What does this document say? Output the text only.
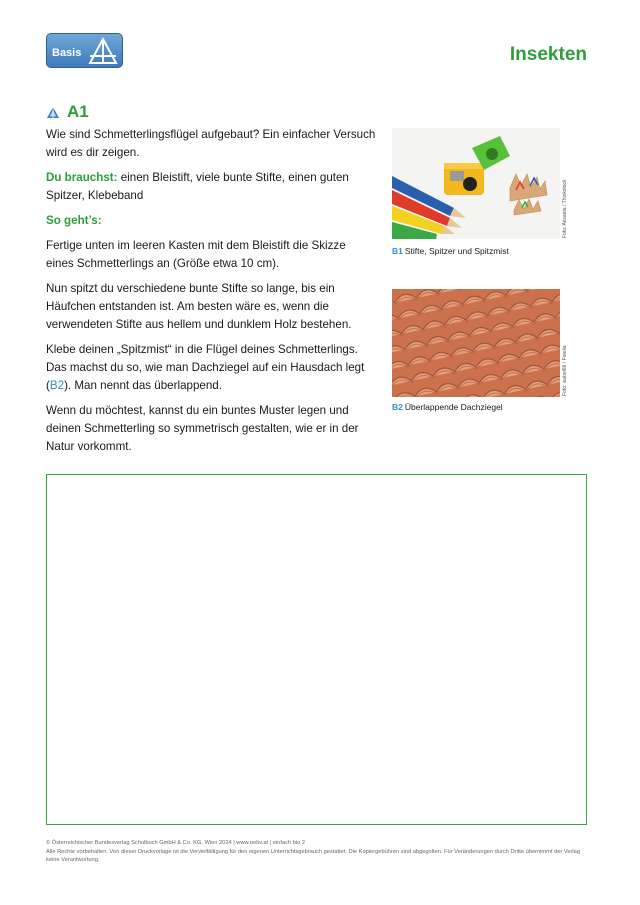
Basis	Insekten
A1

Wie sind Schmetterlingsflügel aufgebaut? Ein einfacher Versuch wird es dir zeigen.

Du brauchst: einen Bleistift, viele bunte Stifte, einen guten Spitzer, Klebeband

So geht’s:

Fertige unten im leeren Kasten mit dem Bleistift die Skizze eines Schmetterlings an (Größe etwa 10 cm).

Nun spitzt du verschiedene bunte Stifte so lange, bis ein Häufchen entstanden ist. Am besten wäre es, wenn die verwendeten Stifte aus hellem und dunklem Holz bestehen.

Klebe deinen „Spitzmist“ in die Flügel deines Schmetterlings. Das machst du so, wie man Dachziegel auf ein Hausdach legt (B2). Man nennt das überlappend.

Wenn du möchtest, kannst du ein buntes Muster legen und deinen Schmetterling so symmetrisch gestalten, wie er in der Natur vorkommt.

Foto: Aksaeta / Thinkstock
B1 Stifte, Spitzer und Spitzmist
Foto: isabel66 / Fotolia
B2 Überlappende Dachziegel
© Österreichischer Bundesverlag Schulbuch GmbH & Co. KG, Wien 2024 | www.oebv.at | einfach bio 2
Alle Rechte vorbehalten. Von dieser Druckvorlage ist die Vervielfältigung für den eigenen Unterrichtsgebrauch gestattet. Die Kopiergebühren sind abgegolten. Für Veränderungen durch Dritte übernimmt der Verlag keine Verantwortung.
